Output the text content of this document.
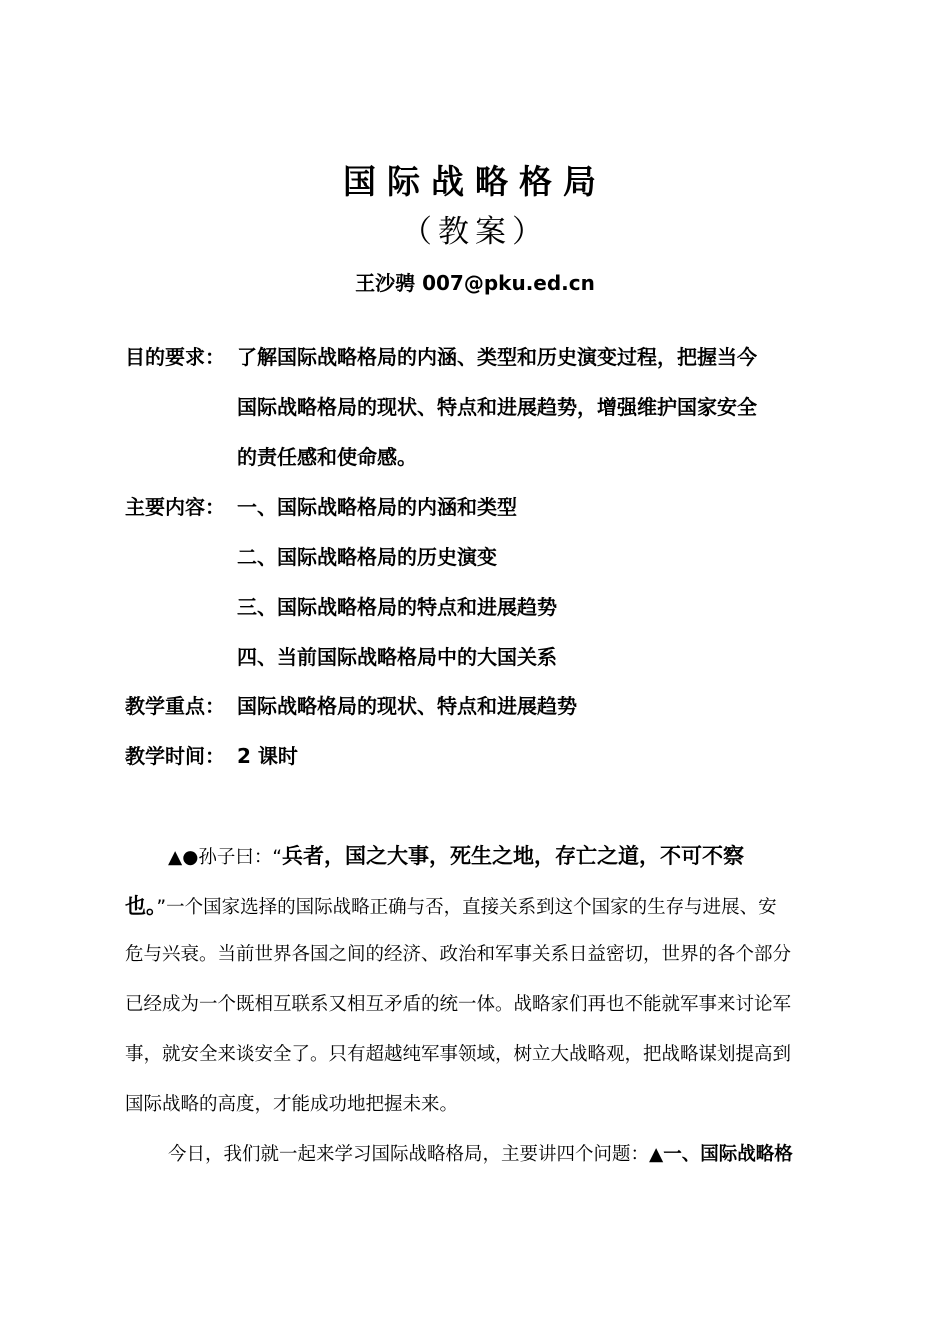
国际战略格局
（教案）
王沙骋 007@pku.ed.cn
目的要求： 了解国际战略格局的内涵、类型和历史演变过程，把握当今
国际战略格局的现状、特点和进展趋势，增强维护国家安全
的责任感和使命感。
主要内容： 一、国际战略格局的内涵和类型
二、国际战略格局的历史演变
三、国际战略格局的特点和进展趋势
四、当前国际战略格局中的大国关系
教学重点： 国际战略格局的现状、特点和进展趋势
教学时间： 2 课时
▲●孙子曰：“兵者，国之大事，死生之地，存亡之道，不可不察
也。”一个国家选择的国际战略正确与否，直接关系到这个国家的生存与进展、安
危与兴衰。当前世界各国之间的经济、政治和军事关系日益密切，世界的各个部分
已经成为一个既相互联系又相互矛盾的统一体。战略家们再也不能就军事来讨论军
事，就安全来谈安全了。只有超越纯军事领域，树立大战略观，把战略谋划提高到
国际战略的高度，才能成功地把握未来。
今日，我们就一起来学习国际战略格局，主要讲四个问题：▲一、国际战略格
